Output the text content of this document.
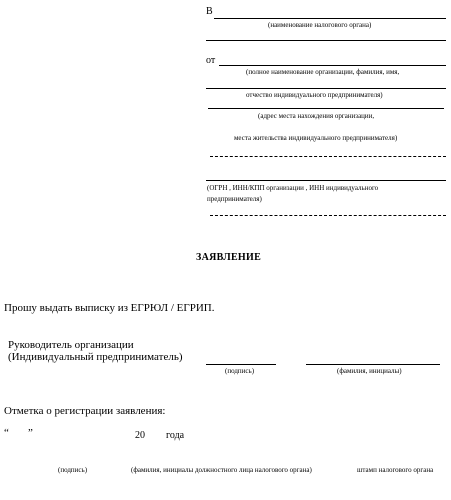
В
(наименование налогового органа)
от
(полное наименование организации, фамилия, имя,
отчество индивидуального предпринимателя)
(адрес места нахождения организации,
места жительства индивидуального предпринимателя)
(ОГРН , ИНН/КПП организации , ИНН индивидуального
предпринимателя)
ЗАЯВЛЕНИЕ
Прошу выдать выписку из ЕГРЮЛ / ЕГРИП.
Руководитель организации
(Индивидуальный предприниматель)
(подпись)	(фамилия, инициалы)
Отметка о регистрации заявления:
“ ”	20 года
(подпись)	(фамилия, инициалы должностного лица налогового органа)	штамп налогового органа
